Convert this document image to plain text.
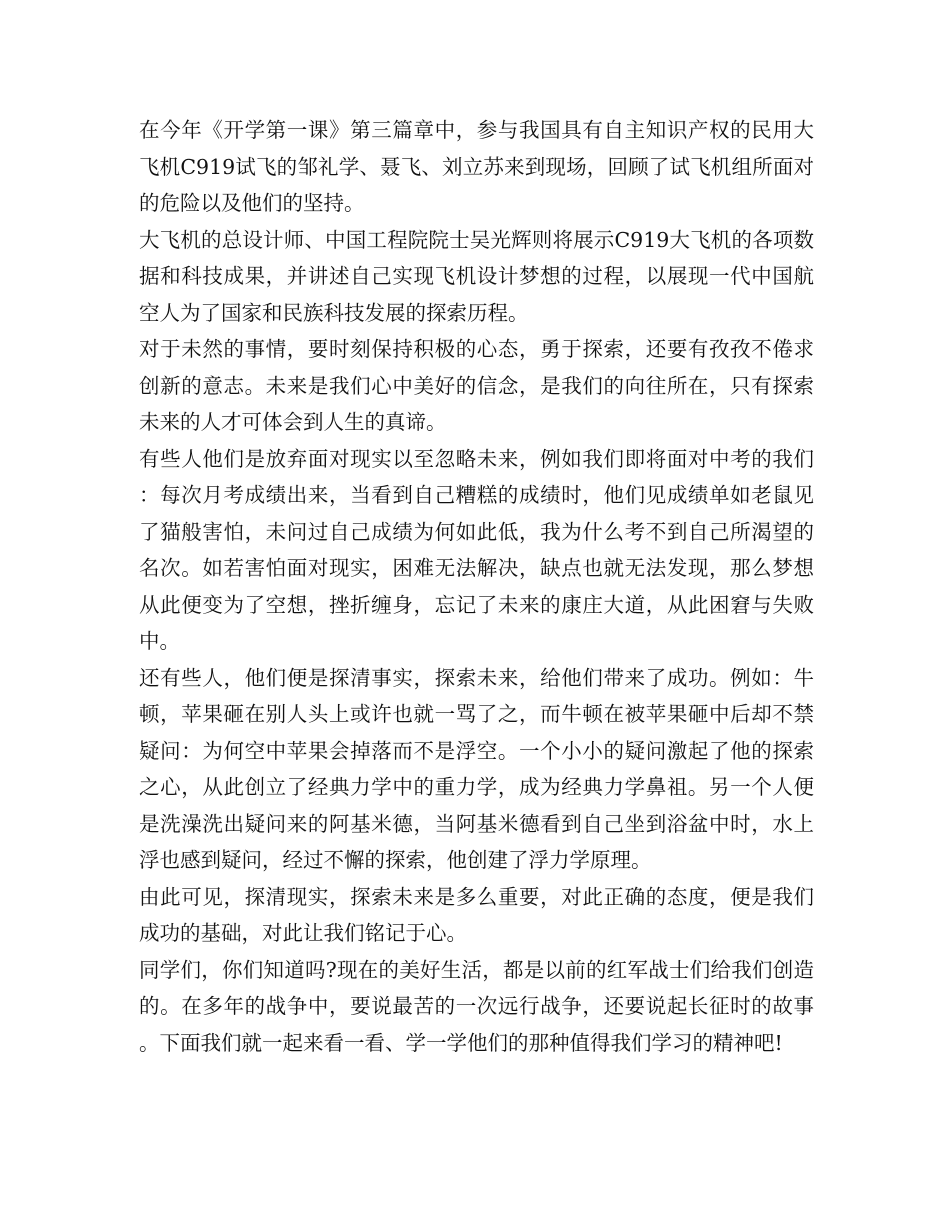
在今年《开学第一课》第三篇章中，参与我国具有自主知识产权的民用大飞机C919试飞的邹礼学、聂飞、刘立苏来到现场，回顾了试飞机组所面对的危险以及他们的坚持。

大飞机的总设计师、中国工程院院士吴光辉则将展示C919大飞机的各项数据和科技成果，并讲述自己实现飞机设计梦想的过程，以展现一代中国航空人为了国家和民族科技发展的探索历程。

对于未然的事情，要时刻保持积极的心态，勇于探索，还要有孜孜不倦求创新的意志。未来是我们心中美好的信念，是我们的向往所在，只有探索未来的人才可体会到人生的真谛。

有些人他们是放弃面对现实以至忽略未来，例如我们即将面对中考的我们：每次月考成绩出来，当看到自己糟糕的成绩时，他们见成绩单如老鼠见了猫般害怕，未问过自己成绩为何如此低，我为什么考不到自己所渴望的名次。如若害怕面对现实，困难无法解决，缺点也就无法发现，那么梦想从此便变为了空想，挫折缠身，忘记了未来的康庄大道，从此困窘与失败中。

还有些人，他们便是探清事实，探索未来，给他们带来了成功。例如：牛顿，苹果砸在别人头上或许也就一骂了之，而牛顿在被苹果砸中后却不禁疑问：为何空中苹果会掉落而不是浮空。一个小小的疑问激起了他的探索之心，从此创立了经典力学中的重力学，成为经典力学鼻祖。另一个人便是洗澡洗出疑问来的阿基米德，当阿基米德看到自己坐到浴盆中时，水上浮也感到疑问，经过不懈的探索，他创建了浮力学原理。

由此可见，探清现实，探索未来是多么重要，对此正确的态度，便是我们成功的基础，对此让我们铭记于心。

同学们，你们知道吗?现在的美好生活，都是以前的红军战士们给我们创造的。在多年的战争中，要说最苦的一次远行战争，还要说起长征时的故事。下面我们就一起来看一看、学一学他们的那种值得我们学习的精神吧!
